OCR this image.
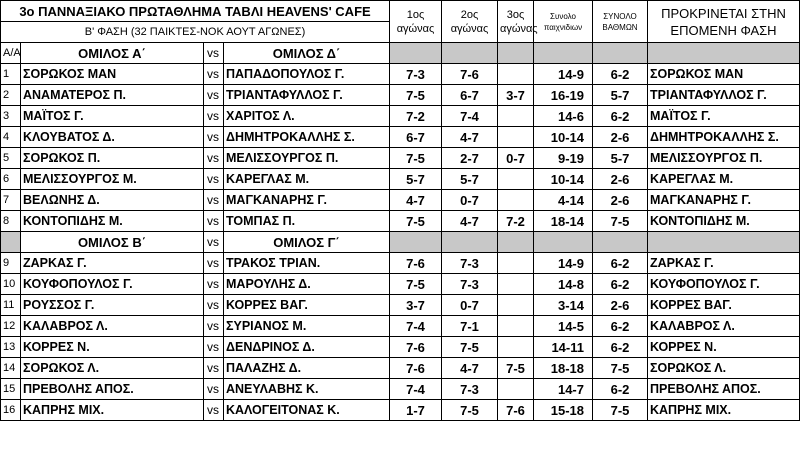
3ο ΠΑΝΝΑΞΙΑΚΟ ΠΡΩΤΑΘΛΗΜΑ ΤΑΒΛΙ HEAVENS' CAFE				1ος αγώνας	2ος αγώνας	3ος αγώνας	Συνολο παιχνιδιων	ΣΥΝΟΛΟ ΒΑΘΜΩΝ	ΠΡΟΚΡΙΝΕΤΑΙ ΣΤΗΝ ΕΠΟΜΕΝΗ ΦΑΣΗ
Β' ΦΑΣΗ (32 ΠΑΙΚΤΕΣ-ΝΟΚ ΑΟΥΤ ΑΓΩΝΕΣ)									
Α/Α	ΟΜΙΛΟΣ Α΄	vs	ΟΜΙΛΟΣ Δ΄						
1	ΣΟΡΩΚΟΣ ΜΑΝ	vs	ΠΑΠΑΔΟΠΟΥΛΟΣ Γ.	7-3	7-6		14-9	6-2	ΣΟΡΩΚΟΣ ΜΑΝ
2	ΑΝΑΜΑΤΕΡΟΣ Π.	vs	ΤΡΙΑΝΤΑΦΥΛΛΟΣ Γ.	7-5	6-7	3-7	16-19	5-7	ΤΡΙΑΝΤΑΦΥΛΛΟΣ Γ.
3	ΜΑΪΤΟΣ Γ.	vs	ΧΑΡΙΤΟΣ Λ.	7-2	7-4		14-6	6-2	ΜΑΪΤΟΣ Γ.
4	ΚΛΟΥΒΑΤΟΣ Δ.	vs	ΔΗΜΗΤΡΟΚΑΛΛΗΣ Σ.	6-7	4-7		10-14	2-6	ΔΗΜΗΤΡΟΚΑΛΛΗΣ Σ.
5	ΣΟΡΩΚΟΣ Π.	vs	ΜΕΛΙΣΣΟΥΡΓΟΣ Π.	7-5	2-7	0-7	9-19	5-7	ΜΕΛΙΣΣΟΥΡΓΟΣ Π.
6	ΜΕΛΙΣΣΟΥΡΓΟΣ Μ.	vs	ΚΑΡΕΓΛΑΣ Μ.	5-7	5-7		10-14	2-6	ΚΑΡΕΓΛΑΣ Μ.
7	ΒΕΛΩΝΗΣ Δ.	vs	ΜΑΓΚΑΝΑΡΗΣ Γ.	4-7	0-7		4-14	2-6	ΜΑΓΚΑΝΑΡΗΣ Γ.
8	ΚΟΝΤΟΠΙΔΗΣ Μ.	vs	ΤΟΜΠΑΣ Π.	7-5	4-7	7-2	18-14	7-5	ΚΟΝΤΟΠΙΔΗΣ Μ.
	ΟΜΙΛΟΣ Β΄	vs	ΟΜΙΛΟΣ Γ΄						
9	ΖΑΡΚΑΣ Γ.	vs	ΤΡΑΚΟΣ ΤΡΙΑΝ.	7-6	7-3		14-9	6-2	ΖΑΡΚΑΣ Γ.
10	ΚΟΥΦΟΠΟΥΛΟΣ Γ.	vs	ΜΑΡΟΥΛΗΣ Δ.	7-5	7-3		14-8	6-2	ΚΟΥΦΟΠΟΥΛΟΣ Γ.
11	ΡΟΥΣΣΟΣ Γ.	vs	ΚΟΡΡΕΣ ΒΑΓ.	3-7	0-7		3-14	2-6	ΚΟΡΡΕΣ ΒΑΓ.
12	ΚΑΛΑΒΡΟΣ Λ.	vs	ΣΥΡΙΑΝΟΣ Μ.	7-4	7-1		14-5	6-2	ΚΑΛΑΒΡΟΣ Λ.
13	ΚΟΡΡΕΣ Ν.	vs	ΔΕΝΔΡΙΝΟΣ Δ.	7-6	7-5		14-11	6-2	ΚΟΡΡΕΣ Ν.
14	ΣΟΡΩΚΟΣ Λ.	vs	ΠΑΛΑΖΗΣ Δ.	7-6	4-7	7-5	18-18	7-5	ΣΟΡΩΚΟΣ Λ.
15	ΠΡΕΒΟΛΗΣ ΑΠΟΣ.	vs	ΑΝΕΥΛΑΒΗΣ Κ.	7-4	7-3		14-7	6-2	ΠΡΕΒΟΛΗΣ ΑΠΟΣ.
16	ΚΑΠΡΗΣ ΜΙΧ.	vs	ΚΑΛΟΓΕΙΤΟΝΑΣ Κ.	1-7	7-5	7-6	15-18	7-5	ΚΑΠΡΗΣ ΜΙΧ.
